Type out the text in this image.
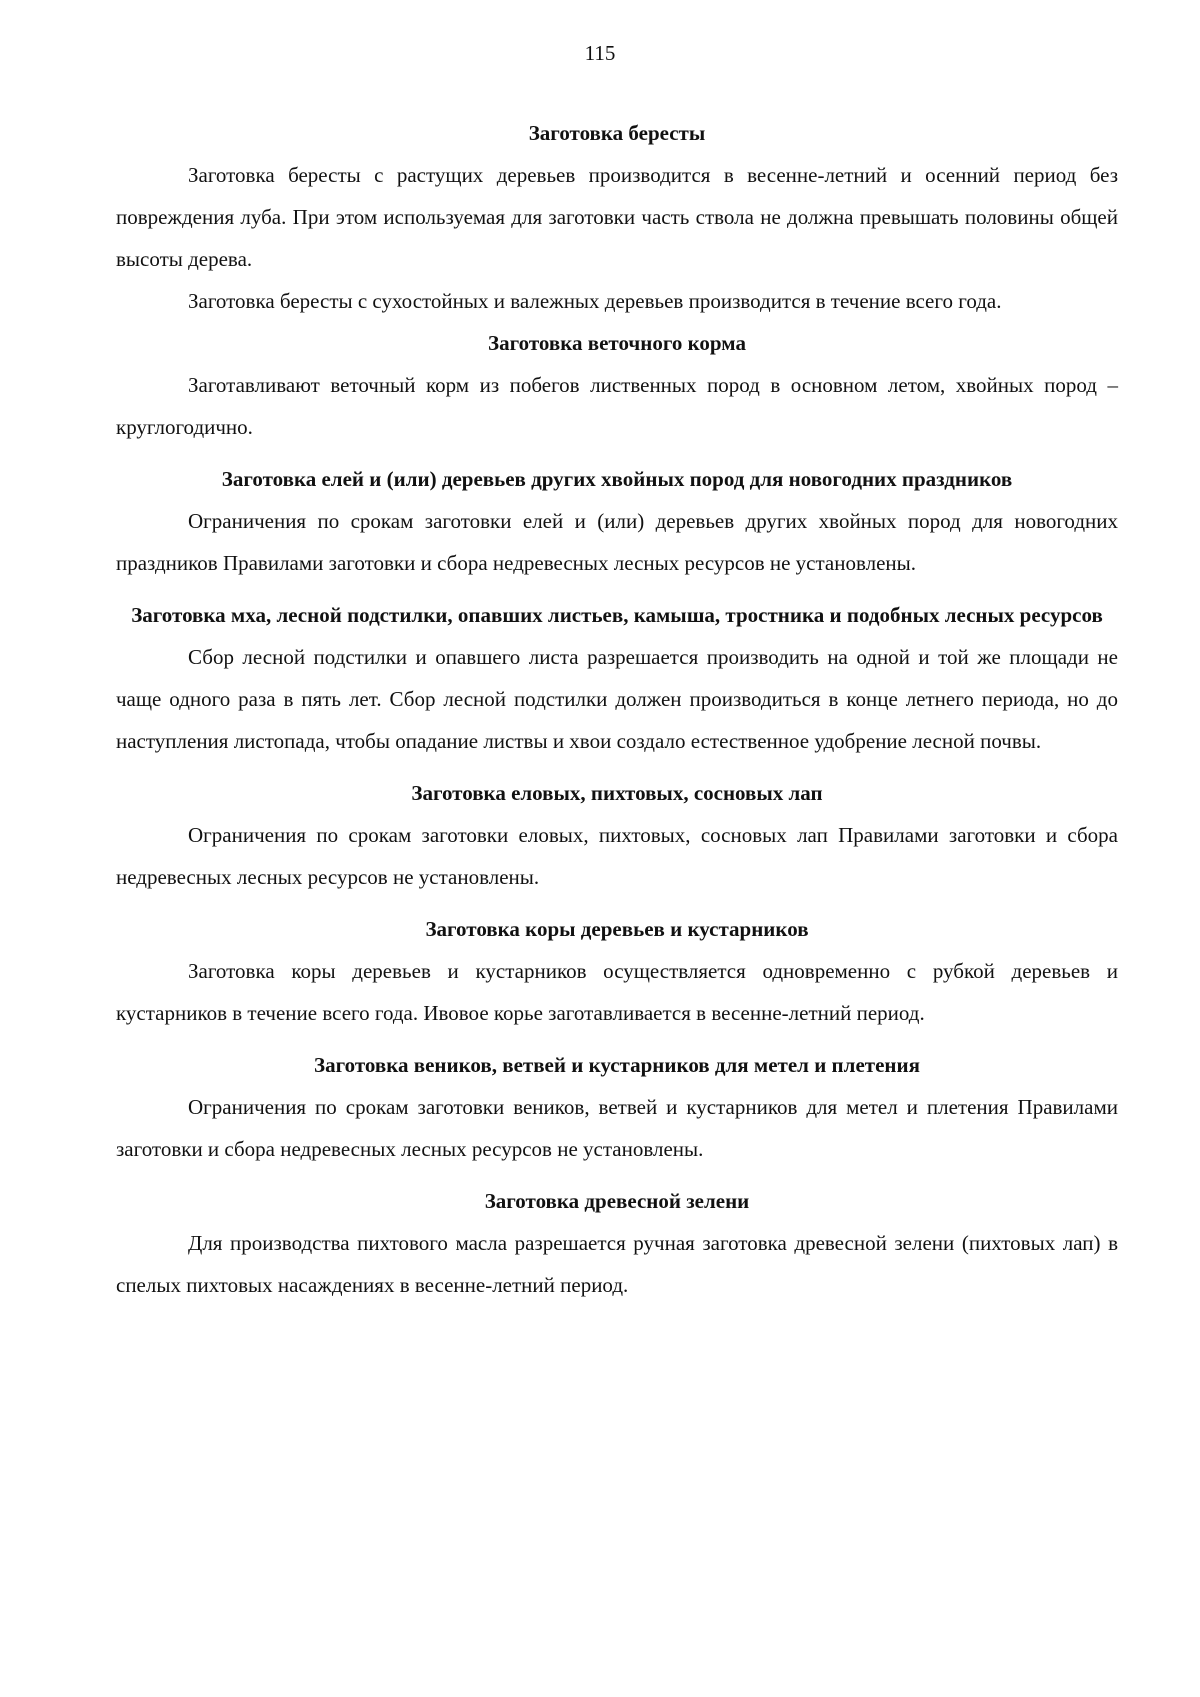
115
Заготовка бересты

Заготовка бересты с растущих деревьев производится в весенне-летний и осенний период без повреждения луба. При этом используемая для заготовки часть ствола не должна превышать половины общей высоты дерева.

Заготовка бересты с сухостойных и валежных деревьев производится в течение всего года.

Заготовка веточного корма

Заготавливают веточный корм из побегов лиственных пород в основном летом, хвойных пород – круглогодично.

Заготовка елей и (или) деревьев других хвойных пород для новогодних праздников

Ограничения по срокам заготовки елей и (или) деревьев других хвойных пород для новогодних праздников Правилами заготовки и сбора недревесных лесных ресурсов не установлены.

Заготовка мха, лесной подстилки, опавших листьев, камыша, тростника и подобных лесных ресурсов

Сбор лесной подстилки и опавшего листа разрешается производить на одной и той же площади не чаще одного раза в пять лет. Сбор лесной подстилки должен производиться в конце летнего периода, но до наступления листопада, чтобы опадание листвы и хвои создало естественное удобрение лесной почвы.

Заготовка еловых, пихтовых, сосновых лап

Ограничения по срокам заготовки еловых, пихтовых, сосновых лап Правилами заготовки и сбора недревесных лесных ресурсов не установлены.

Заготовка коры деревьев и кустарников

Заготовка коры деревьев и кустарников осуществляется одновременно с рубкой деревьев и кустарников в течение всего года. Ивовое корье заготавливается в весенне-летний период.

Заготовка веников, ветвей и кустарников для метел и плетения

Ограничения по срокам заготовки веников, ветвей и кустарников для метел и плетения Правилами заготовки и сбора недревесных лесных ресурсов не установлены.

Заготовка древесной зелени

Для производства пихтового масла разрешается ручная заготовка древесной зелени (пихтовых лап) в спелых пихтовых насаждениях в весенне-летний период.
